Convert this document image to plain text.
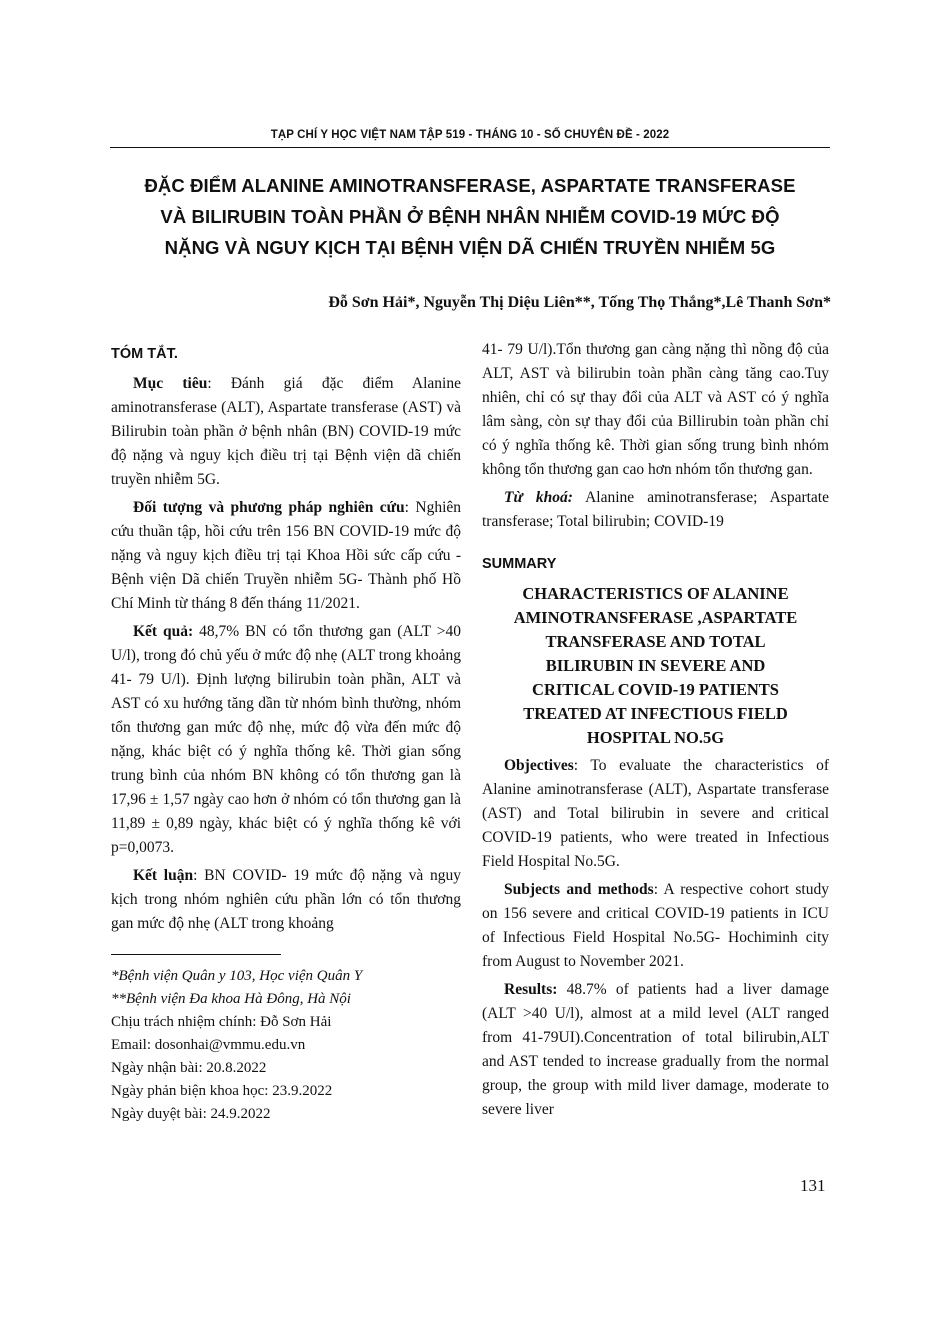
TẠP CHÍ Y HỌC VIỆT NAM TẬP 519 - THÁNG 10 - SỐ CHUYÊN ĐỀ - 2022
ĐẶC ĐIỂM ALANINE AMINOTRANSFERASE, ASPARTATE TRANSFERASE
VÀ BILIRUBIN TOÀN PHẦN Ở BỆNH NHÂN NHIỄM COVID-19 MỨC ĐỘ
NẶNG VÀ NGUY KỊCH TẠI BỆNH VIỆN DÃ CHIẾN TRUYỀN NHIỄM 5G
Đỗ Sơn Hải*, Nguyễn Thị Diệu Liên**, Tống Thọ Thắng*,Lê Thanh Sơn*
TÓM TẮT.

Mục tiêu: Đánh giá đặc điểm Alanine aminotransferase (ALT), Aspartate transferase (AST) và Bilirubin toàn phần ở bệnh nhân (BN) COVID-19 mức độ nặng và nguy kịch điều trị tại Bệnh viện dã chiến truyền nhiễm 5G.

Đối tượng và phương pháp nghiên cứu: Nghiên cứu thuần tập, hồi cứu trên 156 BN COVID-19 mức độ nặng và nguy kịch điều trị tại Khoa Hồi sức cấp cứu -Bệnh viện Dã chiến Truyền nhiễm 5G- Thành phố Hồ Chí Minh từ tháng 8 đến tháng 11/2021.

Kết quả: 48,7% BN có tổn thương gan (ALT >40 U/l), trong đó chủ yếu ở mức độ nhẹ (ALT trong khoảng 41- 79 U/l). Định lượng bilirubin toàn phần, ALT và AST có xu hướng tăng dần từ nhóm bình thường, nhóm tổn thương gan mức độ nhẹ, mức độ vừa đến mức độ nặng, khác biệt có ý nghĩa thống kê. Thời gian sống trung bình của nhóm BN không có tổn thương gan là 17,96 ± 1,57 ngày cao hơn ở nhóm có tổn thương gan là 11,89 ± 0,89 ngày, khác biệt có ý nghĩa thống kê với p=0,0073.

Kết luận: BN COVID- 19 mức độ nặng và nguy kịch trong nhóm nghiên cứu phần lớn có tổn thương gan mức độ nhẹ (ALT trong khoảng

*Bệnh viện Quân y 103, Học viện Quân Y
**Bệnh viện Đa khoa Hà Đông, Hà Nội
Chịu trách nhiệm chính: Đỗ Sơn Hải
Email: dosonhai@vmmu.edu.vn
Ngày nhận bài: 20.8.2022
Ngày phản biện khoa học: 23.9.2022
Ngày duyệt bài: 24.9.2022

41- 79 U/l).Tổn thương gan càng nặng thì nồng độ của ALT, AST và bilirubin toàn phần càng tăng cao.Tuy nhiên, chỉ có sự thay đổi của ALT và AST có ý nghĩa lâm sàng, còn sự thay đổi của Billirubin toàn phần chỉ có ý nghĩa thống kê. Thời gian sống trung bình nhóm không tổn thương gan cao hơn nhóm tổn thương gan.

Từ khoá: Alanine aminotransferase; Aspartate transferase; Total bilirubin; COVID-19

SUMMARY
CHARACTERISTICS OF ALANINE
AMINOTRANSFERASE ,ASPARTATE
TRANSFERASE AND TOTAL
BILIRUBIN IN SEVERE AND
CRITICAL COVID-19 PATIENTS
TREATED AT INFECTIOUS FIELD
HOSPITAL NO.5G

Objectives: To evaluate the characteristics of Alanine aminotransferase (ALT), Aspartate transferase (AST) and Total bilirubin in severe and critical COVID-19 patients, who were treated in Infectious Field Hospital No.5G.

Subjects and methods: A respective cohort study on 156 severe and critical COVID-19 patients in ICU of Infectious Field Hospital No.5G- Hochiminh city from August to November 2021.

Results: 48.7% of patients had a liver damage (ALT >40 U/l), almost at a mild level (ALT ranged from 41-79UI).Concentration of total bilirubin,ALT and AST tended to increase gradually from the normal group, the group with mild liver damage, moderate to severe liver

131
